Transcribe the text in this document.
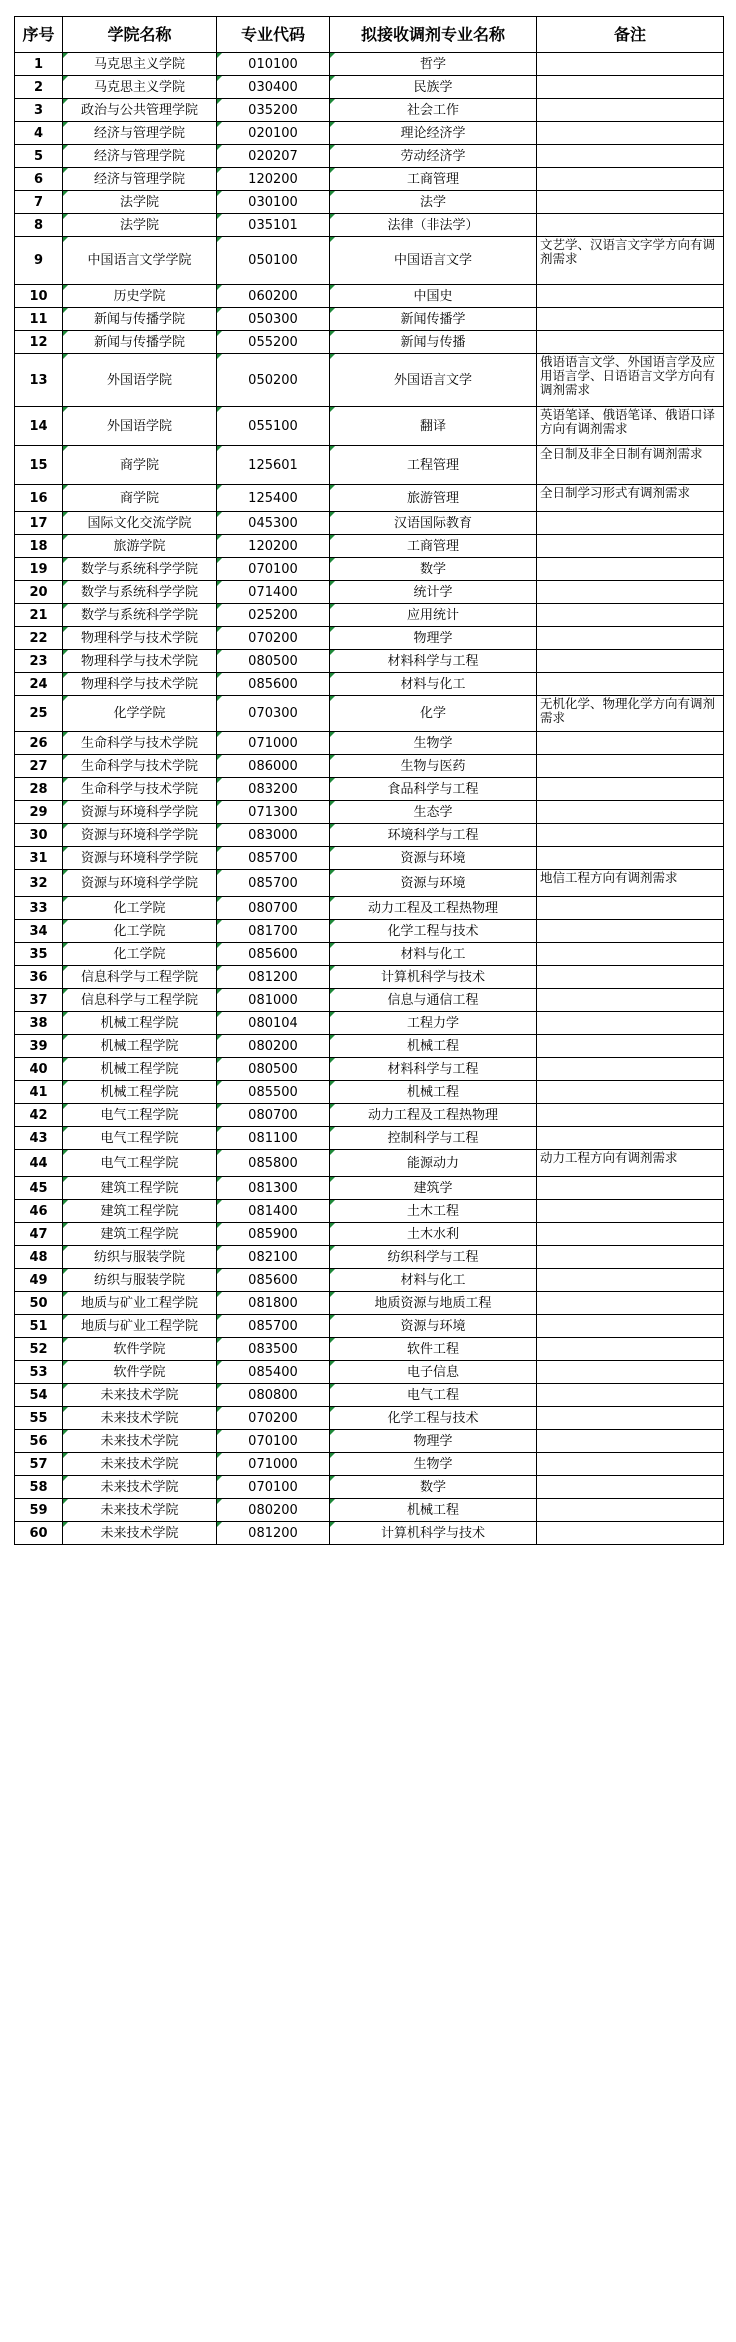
序号	学院名称	专业代码	拟接收调剂专业名称	备注
1	马克思主义学院	010100	哲学	
2	马克思主义学院	030400	民族学	
3	政治与公共管理学院	035200	社会工作	
4	经济与管理学院	020100	理论经济学	
5	经济与管理学院	020207	劳动经济学	
6	经济与管理学院	120200	工商管理	
7	法学院	030100	法学	
8	法学院	035101	法律（非法学）	
9	中国语言文学学院	050100	中国语言文学	文艺学、汉语言文字学方向有调剂需求
10	历史学院	060200	中国史	
11	新闻与传播学院	050300	新闻传播学	
12	新闻与传播学院	055200	新闻与传播	
13	外国语学院	050200	外国语言文学	俄语语言文学、外国语言学及应用语言学、日语语言文学方向有调剂需求
14	外国语学院	055100	翻译	英语笔译、俄语笔译、俄语口译方向有调剂需求
15	商学院	125601	工程管理	全日制及非全日制有调剂需求
16	商学院	125400	旅游管理	全日制学习形式有调剂需求
17	国际文化交流学院	045300	汉语国际教育	
18	旅游学院	120200	工商管理	
19	数学与系统科学学院	070100	数学	
20	数学与系统科学学院	071400	统计学	
21	数学与系统科学学院	025200	应用统计	
22	物理科学与技术学院	070200	物理学	
23	物理科学与技术学院	080500	材料科学与工程	
24	物理科学与技术学院	085600	材料与化工	
25	化学学院	070300	化学	无机化学、物理化学方向有调剂需求
26	生命科学与技术学院	071000	生物学	
27	生命科学与技术学院	086000	生物与医药	
28	生命科学与技术学院	083200	食品科学与工程	
29	资源与环境科学学院	071300	生态学	
30	资源与环境科学学院	083000	环境科学与工程	
31	资源与环境科学学院	085700	资源与环境	
32	资源与环境科学学院	085700	资源与环境	地信工程方向有调剂需求
33	化工学院	080700	动力工程及工程热物理	
34	化工学院	081700	化学工程与技术	
35	化工学院	085600	材料与化工	
36	信息科学与工程学院	081200	计算机科学与技术	
37	信息科学与工程学院	081000	信息与通信工程	
38	机械工程学院	080104	工程力学	
39	机械工程学院	080200	机械工程	
40	机械工程学院	080500	材料科学与工程	
41	机械工程学院	085500	机械工程	
42	电气工程学院	080700	动力工程及工程热物理	
43	电气工程学院	081100	控制科学与工程	
44	电气工程学院	085800	能源动力	动力工程方向有调剂需求
45	建筑工程学院	081300	建筑学	
46	建筑工程学院	081400	土木工程	
47	建筑工程学院	085900	土木水利	
48	纺织与服装学院	082100	纺织科学与工程	
49	纺织与服装学院	085600	材料与化工	
50	地质与矿业工程学院	081800	地质资源与地质工程	
51	地质与矿业工程学院	085700	资源与环境	
52	软件学院	083500	软件工程	
53	软件学院	085400	电子信息	
54	未来技术学院	080800	电气工程	
55	未来技术学院	070200	化学工程与技术	
56	未来技术学院	070100	物理学	
57	未来技术学院	071000	生物学	
58	未来技术学院	070100	数学	
59	未来技术学院	080200	机械工程	
60	未来技术学院	081200	计算机科学与技术	
